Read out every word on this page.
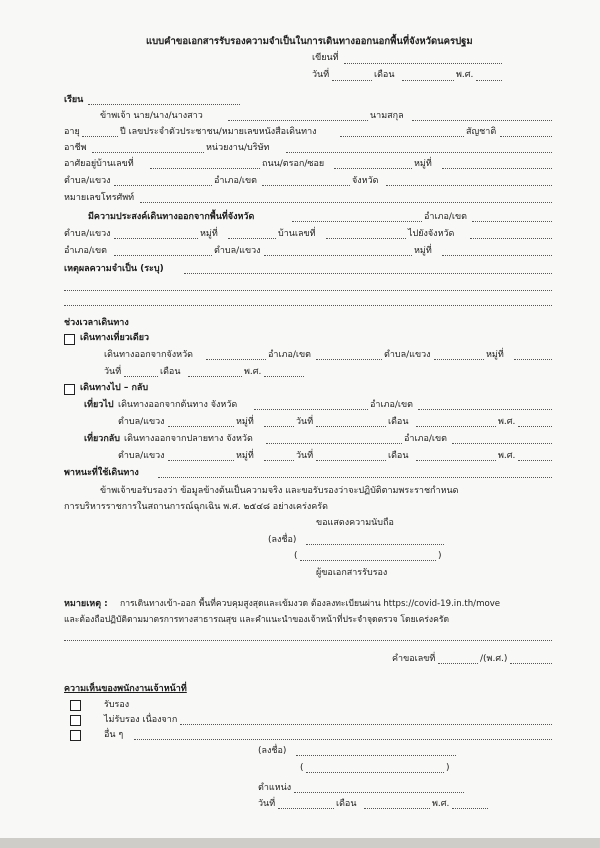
แบบคำขอเอกสารรับรองความจำเป็นในการเดินทางออกนอกพื้นที่จังหวัดนครปฐม
เขียนที่
วันที่	เดือน	พ.ศ.
เรียน
ข้าพเจ้า นาย/นาง/นางสาว	นามสกุล
อายุ	ปี เลขประจำตัวประชาชน/หมายเลขหนังสือเดินทาง	สัญชาติ
อาชีพ	หน่วยงาน/บริษัท
อาศัยอยู่บ้านเลขที่	ถนน/ตรอก/ซอย	หมู่ที่
ตำบล/แขวง	อำเภอ/เขต	จังหวัด
หมายเลขโทรศัพท์
มีความประสงค์เดินทางออกจากพื้นที่จังหวัด	อำเภอ/เขต
ตำบล/แขวง	หมู่ที่	บ้านเลขที่	ไปยังจังหวัด
อำเภอ/เขต	ตำบล/แขวง	หมู่ที่
เหตุผลความจำเป็น (ระบุ)
ช่วงเวลาเดินทาง
เดินทางเที่ยวเดียว
เดินทางออกจากจังหวัด	อำเภอ/เขต	ตำบล/แขวง	หมู่ที่
วันที่	เดือน	พ.ศ.
เดินทางไป – กลับ
เที่ยวไป เดินทางออกจากต้นทาง จังหวัด	อำเภอ/เขต
ตำบล/แขวง	หมู่ที่	วันที่	เดือน	พ.ศ.
เที่ยวกลับ เดินทางออกจากปลายทาง จังหวัด	อำเภอ/เขต
ตำบล/แขวง	หมู่ที่	วันที่	เดือน	พ.ศ.
พาหนะที่ใช้เดินทาง
ข้าพเจ้าขอรับรองว่า ข้อมูลข้างต้นเป็นความจริง และขอรับรองว่าจะปฏิบัติตามพระราชกำหนด
การบริหารราชการในสถานการณ์ฉุกเฉิน พ.ศ. ๒๕๔๘ อย่างเคร่งครัด
ขอแสดงความนับถือ
(ลงชื่อ)
(	)
ผู้ขอเอกสารรับรอง
หมายเหตุ : การเดินทางเข้า-ออก พื้นที่ควบคุมสูงสุดและเข้มงวด ต้องลงทะเบียนผ่าน https://covid-19.in.th/move
และต้องถือปฏิบัติตามมาตรการทางสาธารณสุข และคำแนะนำของเจ้าหน้าที่ประจำจุดตรวจ โดยเคร่งครัด
คำขอเลขที่	/(พ.ศ.)
ความเห็นของพนักงานเจ้าหน้าที่
รับรอง
ไม่รับรอง เนื่องจาก
อื่น ๆ
(ลงชื่อ)
(	)
ตำแหน่ง
วันที่	เดือน	พ.ศ.
